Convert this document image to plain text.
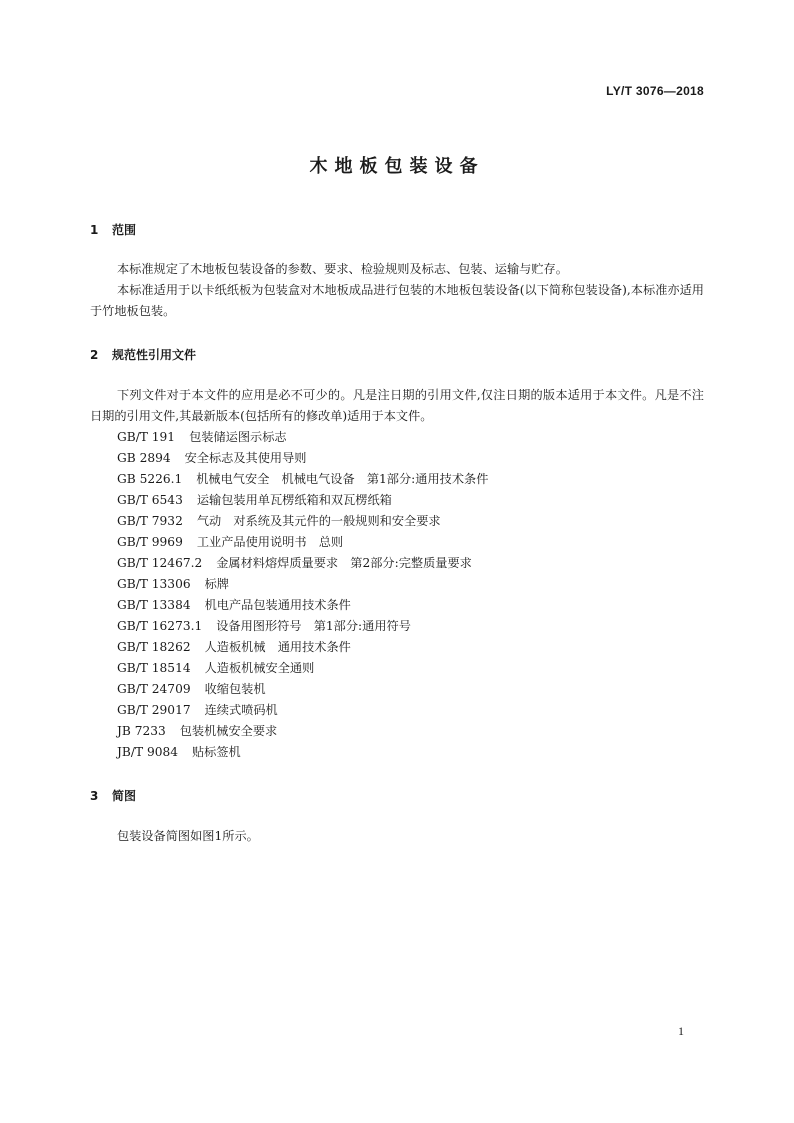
LY/T 3076—2018
木地板包装设备
1 范围
本标准规定了木地板包装设备的参数、要求、检验规则及标志、包装、运输与贮存。
本标准适用于以卡纸纸板为包装盒对木地板成品进行包装的木地板包装设备(以下简称包装设备),本标准亦适用于竹地板包装。
2 规范性引用文件
下列文件对于本文件的应用是必不可少的。凡是注日期的引用文件,仅注日期的版本适用于本文件。凡是不注日期的引用文件,其最新版本(包括所有的修改单)适用于本文件。
GB/T 191 包装储运图示标志
GB 2894 安全标志及其使用导则
GB 5226.1 机械电气安全　机械电气设备　第1部分:通用技术条件
GB/T 6543 运输包装用单瓦楞纸箱和双瓦楞纸箱
GB/T 7932 气动　对系统及其元件的一般规则和安全要求
GB/T 9969 工业产品使用说明书　总则
GB/T 12467.2 金属材料熔焊质量要求　第2部分:完整质量要求
GB/T 13306 标牌
GB/T 13384 机电产品包装通用技术条件
GB/T 16273.1 设备用图形符号　第1部分:通用符号
GB/T 18262 人造板机械　通用技术条件
GB/T 18514 人造板机械安全通则
GB/T 24709 收缩包装机
GB/T 29017 连续式喷码机
JB 7233 包装机械安全要求
JB/T 9084 贴标签机
3 简图
包装设备简图如图1所示。
1
